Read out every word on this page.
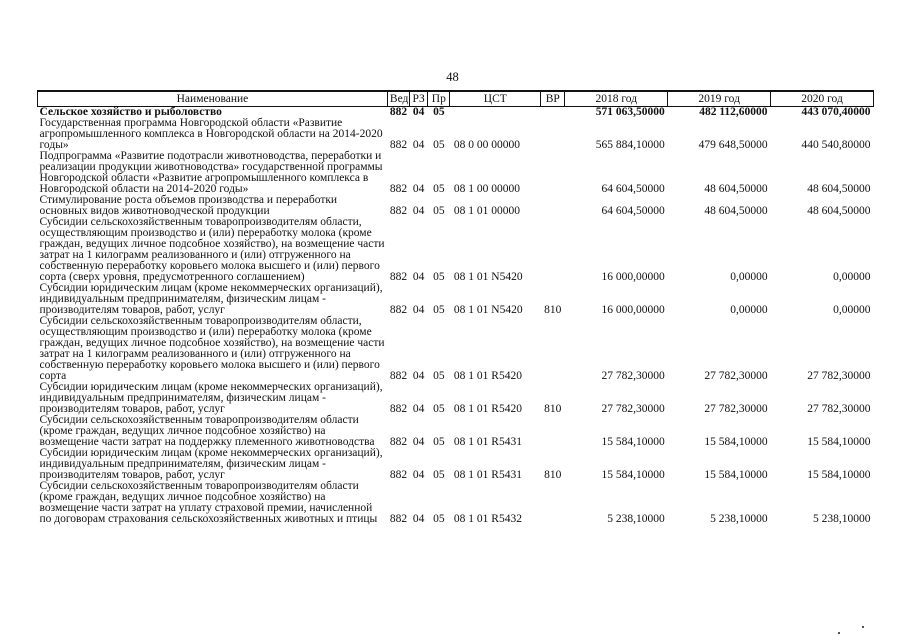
48
Наименование	Вед	РЗ	Пр	ЦСТ	ВР	2018 год	2019 год	2020 год
Сельское хозяйство и рыболовство	882	04	05			571 063,50000	482 112,60000	443 070,40000
Государственная программа Новгородской области «Развитие агропромышленного комплекса в Новгородской области на 2014-2020 годы»	882	04	05	08 0 00 00000		565 884,10000	479 648,50000	440 540,80000
Подпрограмма «Развитие подотрасли животноводства, переработки и реализации продукции животноводства» государственной программы Новгородской области «Развитие агропромышленного комплекса в Новгородской области на 2014-2020 годы»	882	04	05	08 1 00 00000		64 604,50000	48 604,50000	48 604,50000
Стимулирование роста объемов производства и переработки основных видов животноводческой продукции	882	04	05	08 1 01 00000		64 604,50000	48 604,50000	48 604,50000
Субсидии сельскохозяйственным товаропроизводителям области, осуществляющим производство и (или) переработку молока (кроме граждан, ведущих личное подсобное хозяйство), на возмещение части затрат на 1 килограмм реализованного и (или) отгруженного на собственную переработку коровьего молока высшего и (или) первого сорта (сверх уровня, предусмотренного соглашением)	882	04	05	08 1 01 N5420		16 000,00000	0,00000	0,00000
Субсидии юридическим лицам (кроме некоммерческих организаций), индивидуальным предпринимателям, физическим лицам - производителям товаров, работ, услуг	882	04	05	08 1 01 N5420	810	16 000,00000	0,00000	0,00000
Субсидии сельскохозяйственным товаропроизводителям области, осуществляющим производство и (или) переработку молока (кроме граждан, ведущих личное подсобное хозяйство), на возмещение части затрат на 1 килограмм реализованного и (или) отгруженного на собственную переработку коровьего молока высшего и (или) первого сорта	882	04	05	08 1 01 R5420		27 782,30000	27 782,30000	27 782,30000
Субсидии юридическим лицам (кроме некоммерческих организаций), индивидуальным предпринимателям, физическим лицам - производителям товаров, работ, услуг	882	04	05	08 1 01 R5420	810	27 782,30000	27 782,30000	27 782,30000
Субсидии сельскохозяйственным товаропроизводителям области (кроме граждан, ведущих личное подсобное хозяйство) на возмещение части затрат на поддержку племенного животноводства	882	04	05	08 1 01 R5431		15 584,10000	15 584,10000	15 584,10000
Субсидии юридическим лицам (кроме некоммерческих организаций), индивидуальным предпринимателям, физическим лицам - производителям товаров, работ, услуг	882	04	05	08 1 01 R5431	810	15 584,10000	15 584,10000	15 584,10000
Субсидии сельскохозяйственным товаропроизводителям области (кроме граждан, ведущих личное подсобное хозяйство) на возмещение части затрат на уплату страховой премии, начисленной по договорам страхования сельскохозяйственных животных и птицы	882	04	05	08 1 01 R5432		5 238,10000	5 238,10000	5 238,10000
